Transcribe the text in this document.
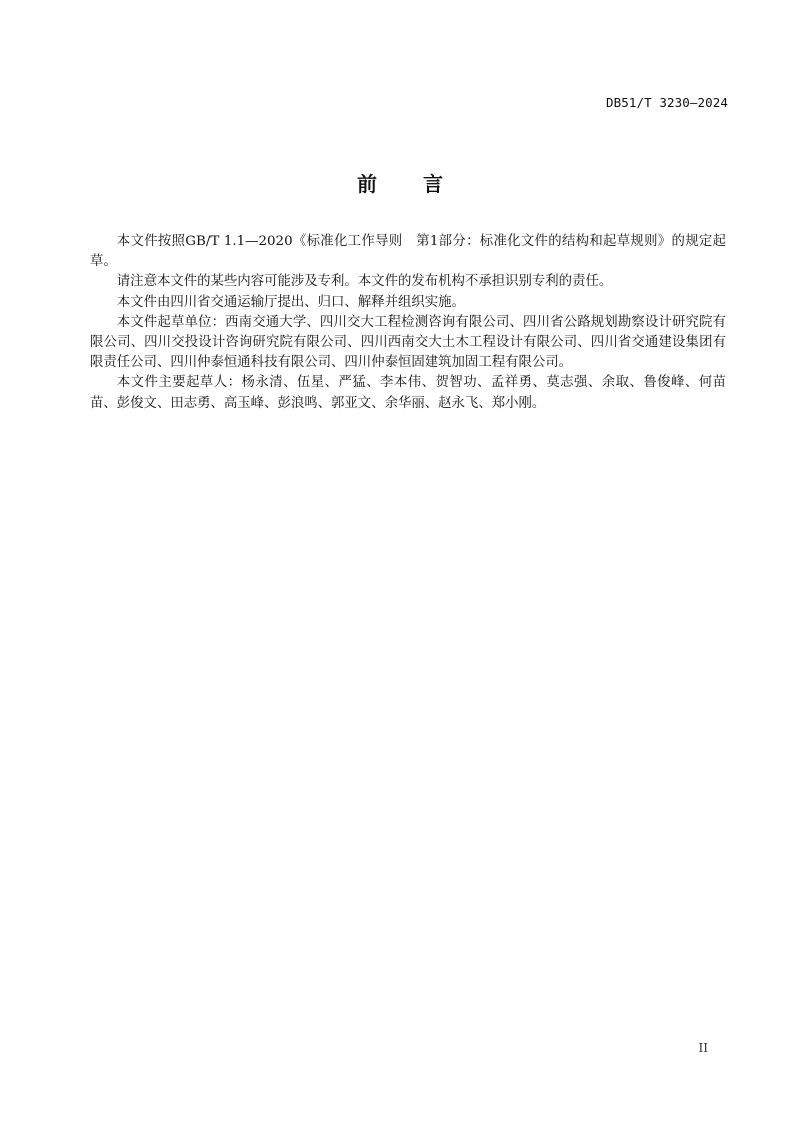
DB51/T 3230—2024
前 言

本文件按照GB/T 1.1—2020《标准化工作导则　第1部分：标准化文件的结构和起草规则》的规定起草。

请注意本文件的某些内容可能涉及专利。本文件的发布机构不承担识别专利的责任。

本文件由四川省交通运输厅提出、归口、解释并组织实施。

本文件起草单位：西南交通大学、四川交大工程检测咨询有限公司、四川省公路规划勘察设计研究院有限公司、四川交投设计咨询研究院有限公司、四川西南交大土木工程设计有限公司、四川省交通建设集团有限责任公司、四川仲泰恒通科技有限公司、四川仲泰恒固建筑加固工程有限公司。

本文件主要起草人：杨永清、伍星、严猛、李本伟、贺智功、孟祥勇、莫志强、余取、鲁俊峰、何苗苗、彭俊文、田志勇、高玉峰、彭浪鸣、郭亚文、余华丽、赵永飞、郑小刚。

II
